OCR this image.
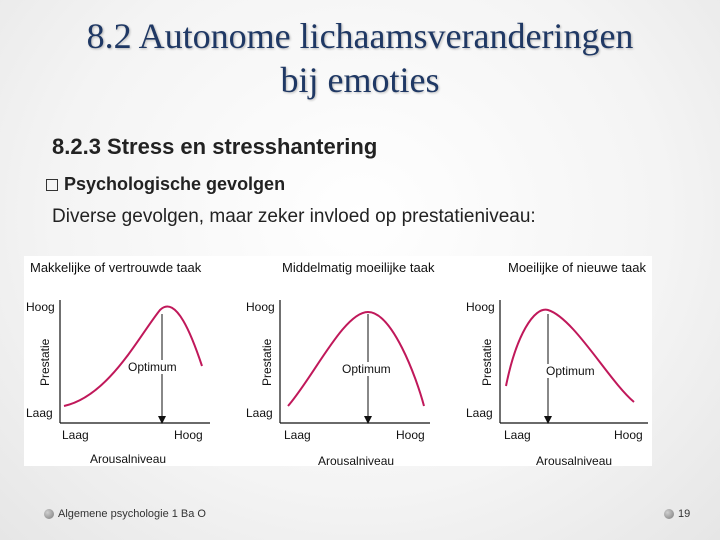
8.2 Autonome lichaamsveranderingen
bij emoties
8.2.3 Stress en stresshantering
Psychologische gevolgen
Diverse gevolgen, maar zeker invloed op prestatieniveau:
Makkelijke of vertrouwde taak
Hoog
Prestatie
Laag
Optimum
Laag	Hoog
Arousalniveau
Middelmatig moeilijke taak
Hoog
Prestatie
Laag
Optimum
Laag	Hoog
Arousalniveau
Moeilijke of nieuwe taak
Hoog
Prestatie
Laag
Optimum
Laag	Hoog
Arousalniveau
Algemene psychologie 1 Ba O	19
